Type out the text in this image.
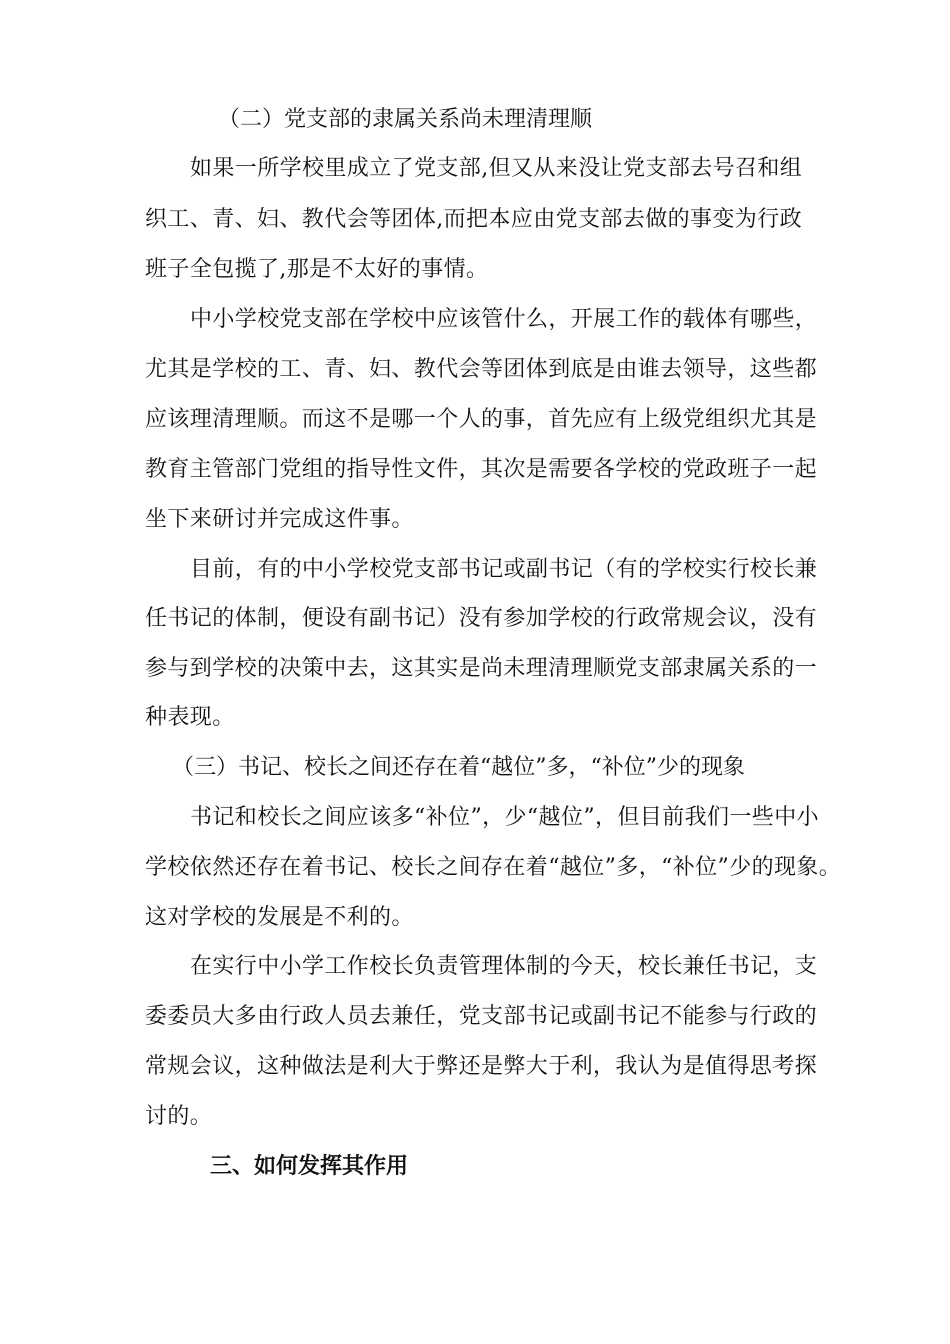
（二）党支部的隶属关系尚未理清理顺
如果一所学校里成立了党支部,但又从来没让党支部去号召和组
织工、青、妇、教代会等团体,而把本应由党支部去做的事变为行政
班子全包揽了,那是不太好的事情。
中小学校党支部在学校中应该管什么，开展工作的载体有哪些，
尤其是学校的工、青、妇、教代会等团体到底是由谁去领导，这些都
应该理清理顺。而这不是哪一个人的事，首先应有上级党组织尤其是
教育主管部门党组的指导性文件，其次是需要各学校的党政班子一起
坐下来研讨并完成这件事。
目前，有的中小学校党支部书记或副书记（有的学校实行校长兼
任书记的体制，便设有副书记）没有参加学校的行政常规会议，没有
参与到学校的决策中去，这其实是尚未理清理顺党支部隶属关系的一
种表现。
（三）书记、校长之间还存在着“越位”多，“补位”少的现象
书记和校长之间应该多“补位”，少“越位”，但目前我们一些中小
学校依然还存在着书记、校长之间存在着“越位”多，“补位”少的现象。
这对学校的发展是不利的。
在实行中小学工作校长负责管理体制的今天，校长兼任书记，支
委委员大多由行政人员去兼任，党支部书记或副书记不能参与行政的
常规会议，这种做法是利大于弊还是弊大于利，我认为是值得思考探
讨的。
三、如何发挥其作用
